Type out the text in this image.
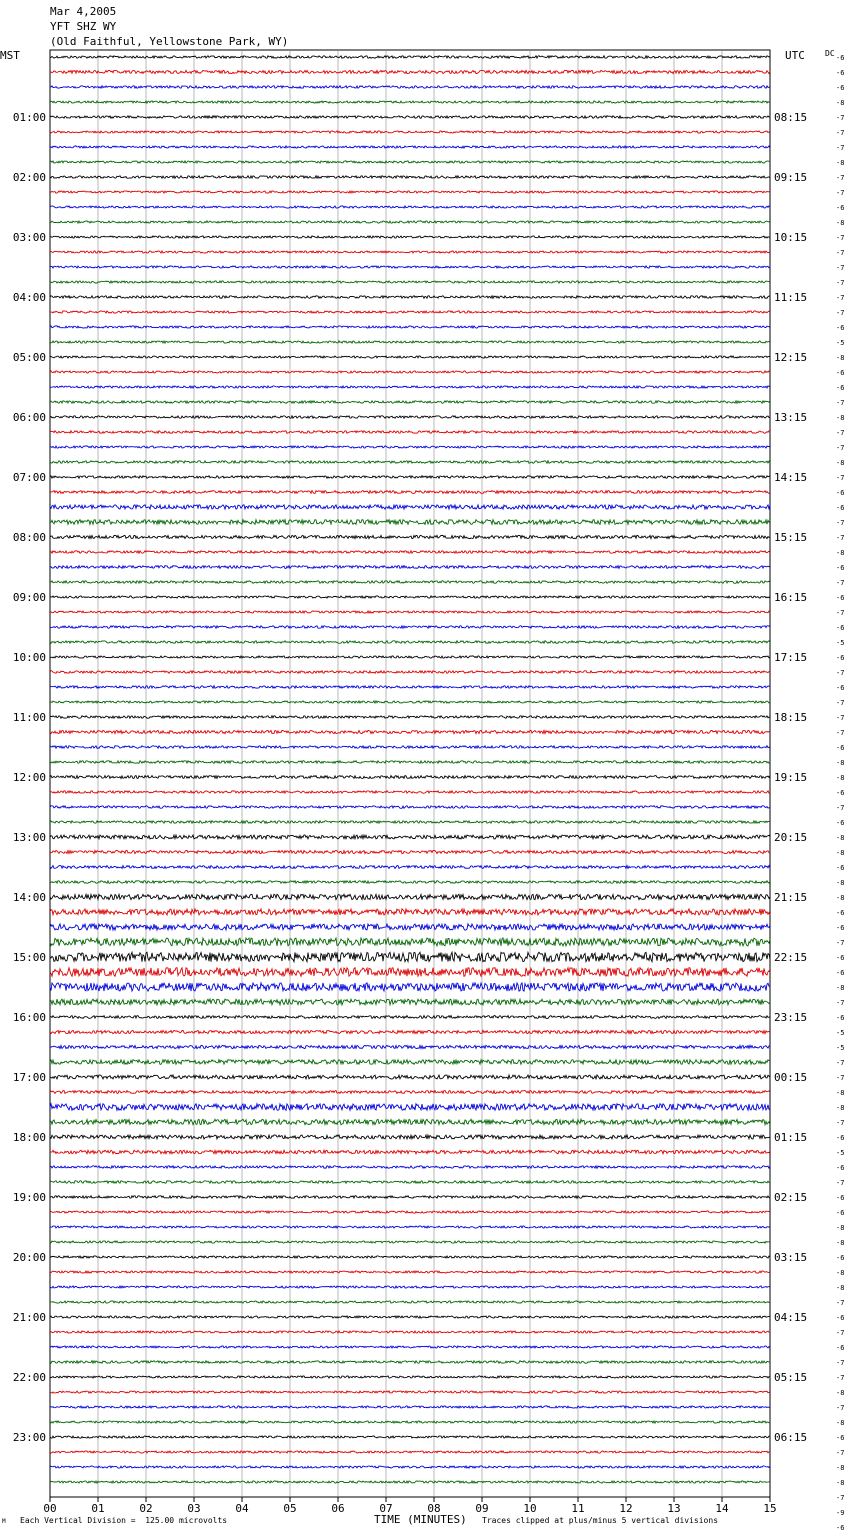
Mar 4,2005
YFT SHZ WY
(Old Faithful, Yellowstone Park, WY)
MST	UTC
01:00
02:00
03:00
04:00
05:00
06:00
07:00
08:00
09:00
10:00
11:00
12:00
13:00
14:00
15:00
16:00
17:00
18:00
19:00
20:00
21:00
22:00
23:00
08:15
09:15
10:15
11:15
12:15
13:15
14:15
15:15
16:15
17:15
18:15
19:15
20:15
21:15
22:15
23:15
00:15
01:15
02:15
03:15
04:15
05:15
06:15
-6
-6
-6
-8
-7
-7
-7
-8
-7
-7
-6
-8
-7
-7
-7
-7
-7
-7
-6
-5
-8
-6
-6
-7
-8
-7
-7
-8
-7
-6
-6
-7
-7
-8
-6
-7
-6
-7
-6
-5
-6
-7
-6
-7
-7
-7
-6
-8
-8
-6
-7
-6
-8
-8
-6
-8
-8
-6
-6
-7
-6
-6
-8
-7
-6
-5
-5
-7
-7
-8
-8
-7
-6
-5
-6
-7
-6
-6
-8
-8
-6
-8
-8
-7
-6
-7
-6
-7
-7
-8
-7
-8
-6
-7
-8
-8
-7
-9
-6
00	01	02	03	04	05	06	07	08	09	10	11	12	13	14	15
DC
TIME (MINUTES)
Each Vertical Division =  125.00 microvolts	Traces clipped at plus/minus 5 vertical divisions
M
